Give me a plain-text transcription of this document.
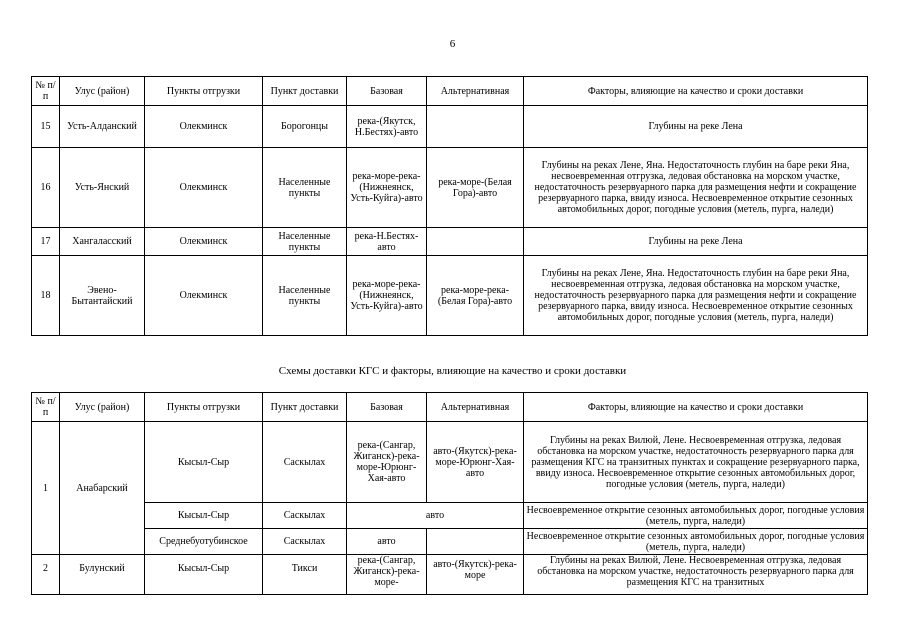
6
№ п/п	Улус (район)	Пункты отгрузки	Пункт доставки	Базовая	Альтернативная	Факторы, влияющие на качество и сроки доставки
15	Усть-Алданский	Олекминск	Борогонцы	река-(Якутск, Н.Бестях)-авто		Глубины на реке Лена
16	Усть-Янский	Олекминск	Населенные пункты	река-море-река-(Нижнеянск, Усть-Куйга)-авто	река-море-(Белая Гора)-авто	Глубины на реках Лене, Яна. Недостаточность глубин на баре реки Яна, несвоевременная отгрузка, ледовая обстановка на морском участке, недостаточность резервуарного парка для размещения нефти и сокращение резервуарного парка, ввиду износа. Несвоевременное открытие сезонных автомобильных дорог, погодные условия (метель, пурга, наледи)
17	Хангаласский	Олекминск	Населенные пункты	река-Н.Бестях-авто		Глубины на реке Лена
18	Эвено-Бытантайский	Олекминск	Населенные пункты	река-море-река-(Нижнеянск, Усть-Куйга)-авто	река-море-река-(Белая Гора)-авто	Глубины на реках Лене, Яна. Недостаточность глубин на баре реки Яна, несвоевременная отгрузка, ледовая обстановка на морском участке, недостаточность резервуарного парка для размещения нефти и сокращение резервуарного парка, ввиду износа. Несвоевременное открытие сезонных автомобильных дорог, погодные условия (метель, пурга, наледи)
Схемы доставки КГС и факторы, влияющие на качество и сроки доставки
№ п/п	Улус (район)	Пункты отгрузки	Пункт доставки	Базовая	Альтернативная	Факторы, влияющие на качество и сроки доставки
1	Анабарский	Кысыл-Сыр	Саскылах	река-(Сангар, Жиганск)-река-море-Юрюнг-Хая-авто	авто-(Якутск)-река-море-Юрюнг-Хая-авто	Глубины на реках Вилюй, Лене. Несвоевременная отгрузка, ледовая обстановка на морском участке, недостаточность резервуарного парка для размещения КГС на транзитных пунктах и сокращение резервуарного парка, ввиду износа. Несвоевременное открытие сезонных автомобильных дорог, погодные условия (метель, пурга, наледи)
		Кысыл-Сыр	Саскылах	авто		Несвоевременное открытие сезонных автомобильных дорог, погодные условия (метель, пурга, наледи)
		Среднебуотубинское	Саскылах	авто		Несвоевременное открытие сезонных автомобильных дорог, погодные условия (метель, пурга, наледи)
2	Булунский	Кысыл-Сыр	Тикси	река-(Сангар, Жиганск)-река-море-	авто-(Якутск)-река-море	Глубины на реках Вилюй, Лене. Несвоевременная отгрузка, ледовая обстановка на морском участке, недостаточность резервуарного парка для размещения КГС на транзитных
